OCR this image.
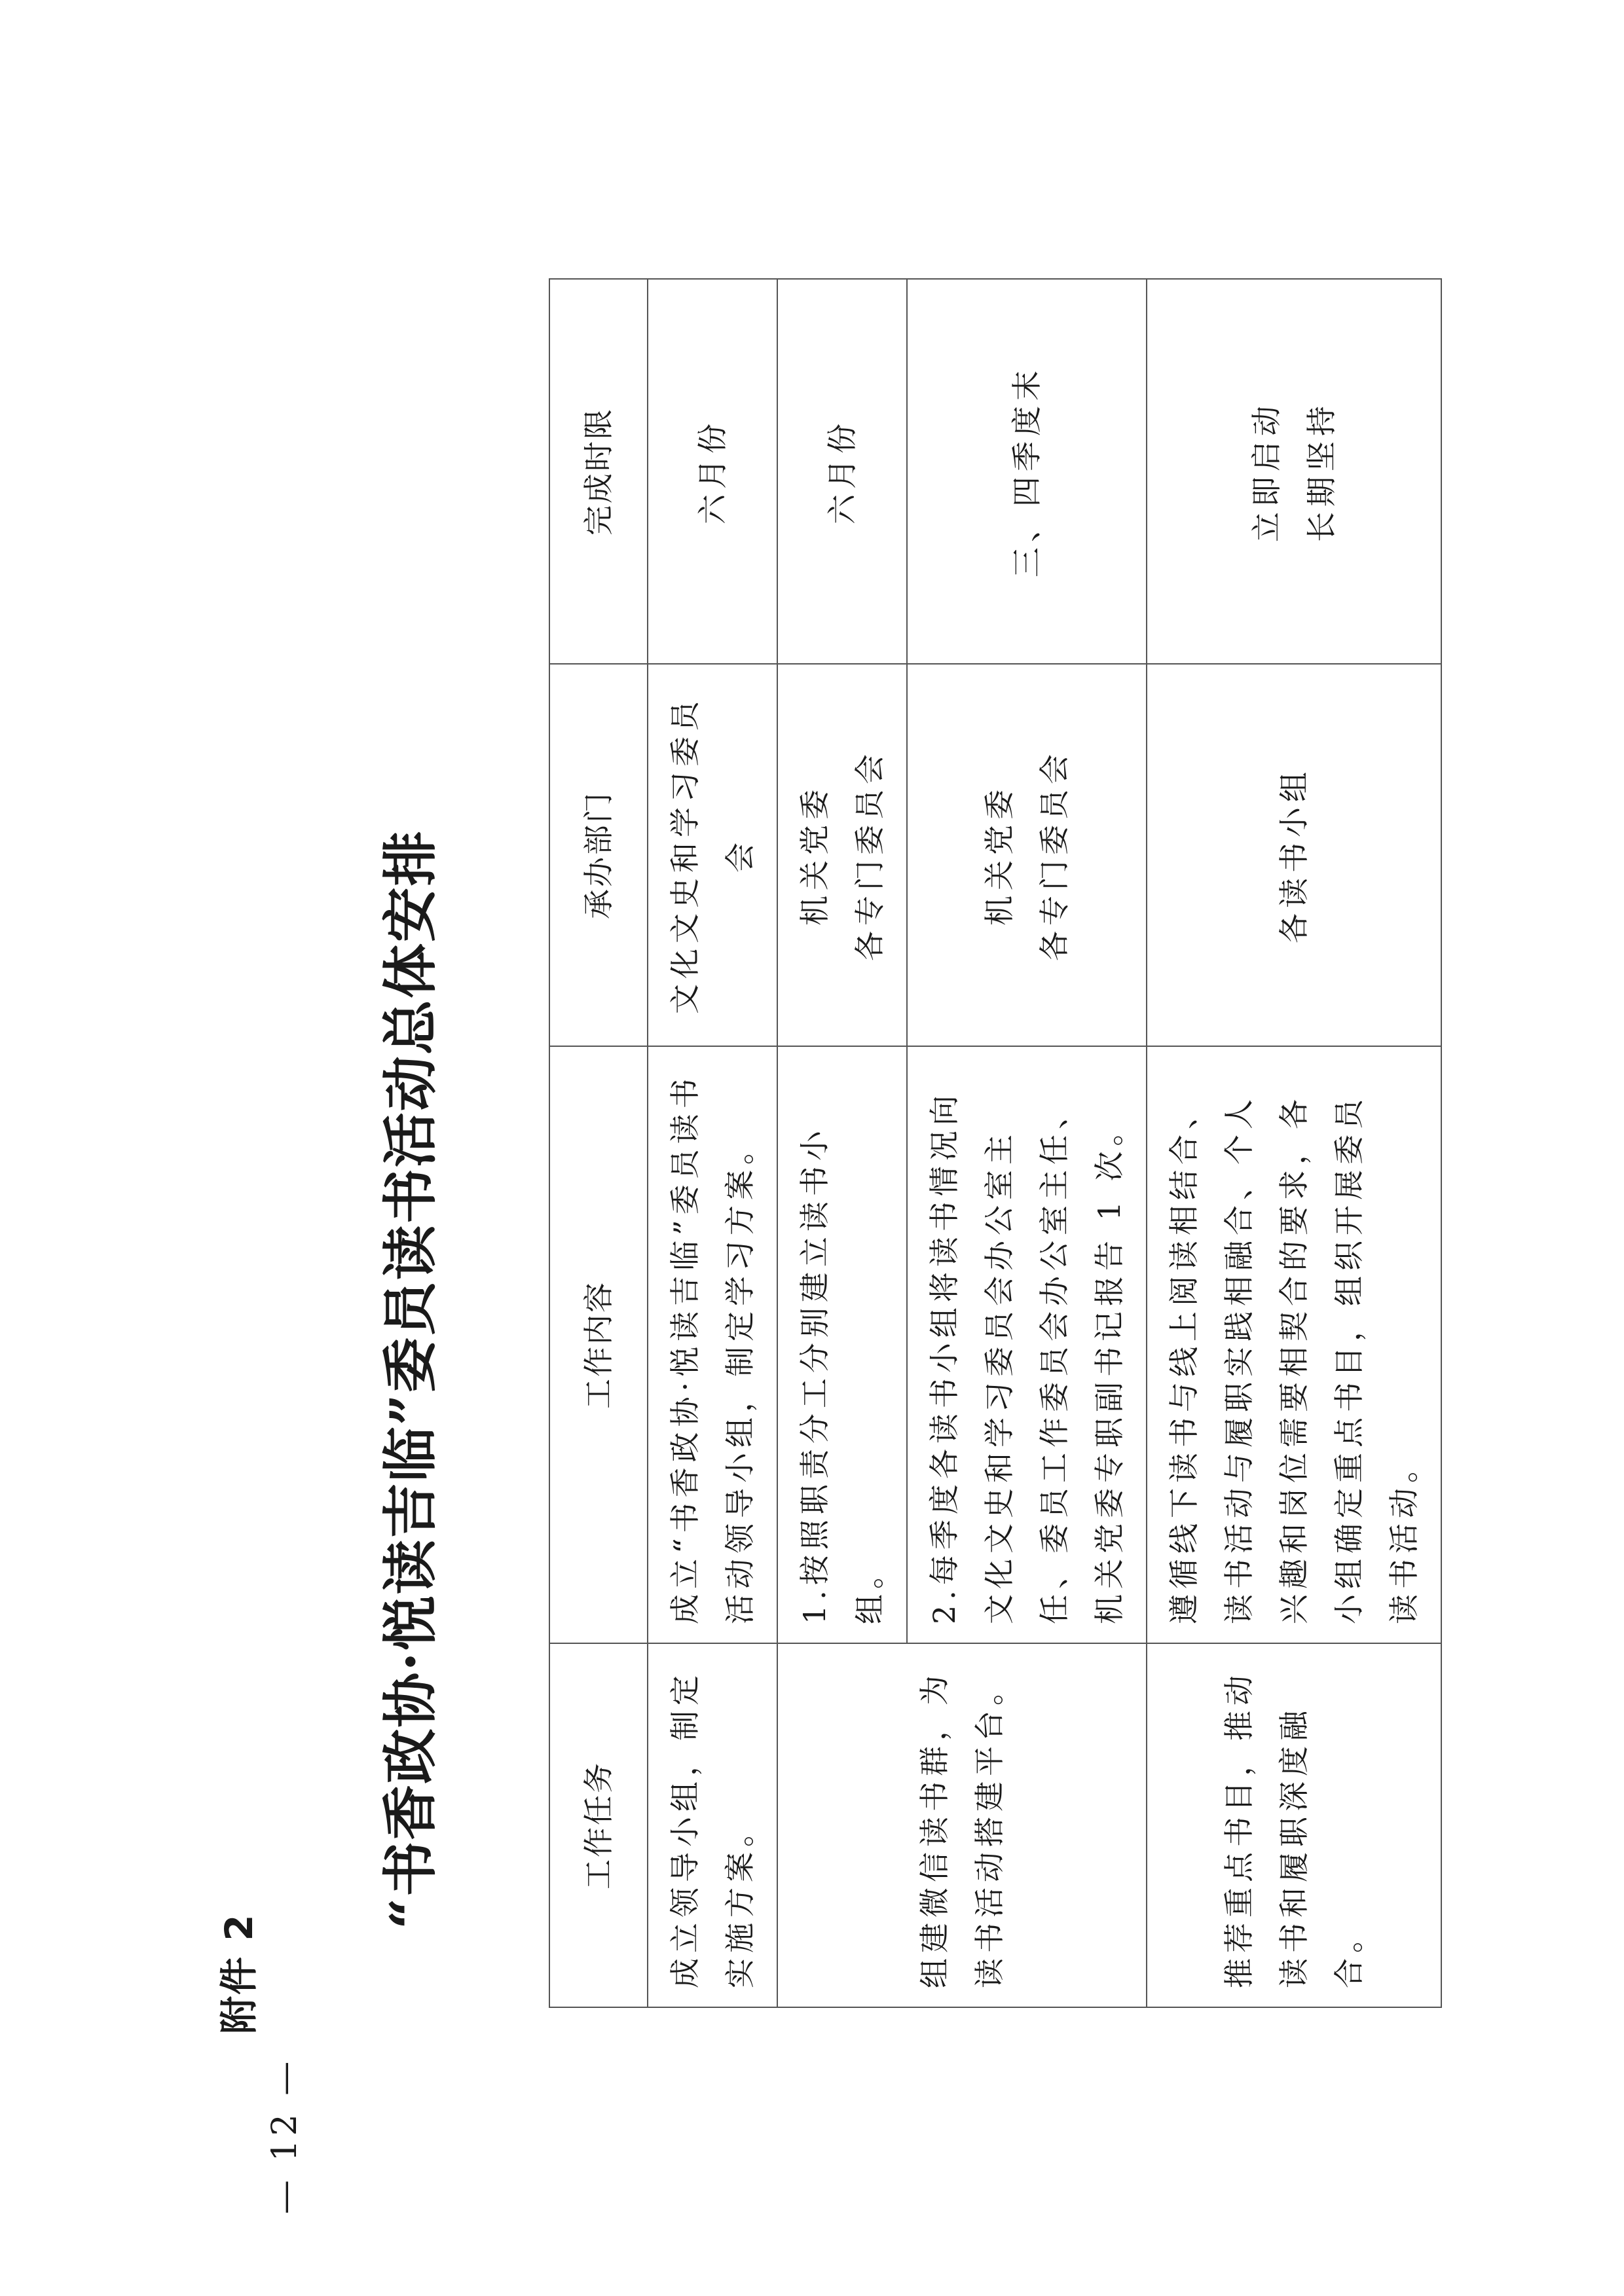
附件 2
“书香政协·悦读吉临”委员读书活动总体安排	工作任务	工作内容	承办部门	完成时限
成立领导小组，制定实施方案。	成立“书香政协·悦读吉临”委员读书活动领导小组，制定学习方案。	文化文史和学习委员会	六月份

组建微信读书群，为读书活动搭建平台。	1.按照职责分工分别建立读书小组。	机关党委 各专门委员会	六月份

	2.每季度各读书小组将读书情况向文化文史和学习委员会办公室主任、委员工作委员会办公室主任、机关党委专职副书记报告 1 次。	机关党委 各专门委员会	三、四季度末

推荐重点书目，推动读书和履职深度融合。	遵循线下读书与线上阅读相结合、读书活动与履职实践相融合、个人兴趣和岗位需要相契合的要求，各小组确定重点书目，组织开展委员读书活动。	各读书小组	立即启动 长期坚持
— 12 —
